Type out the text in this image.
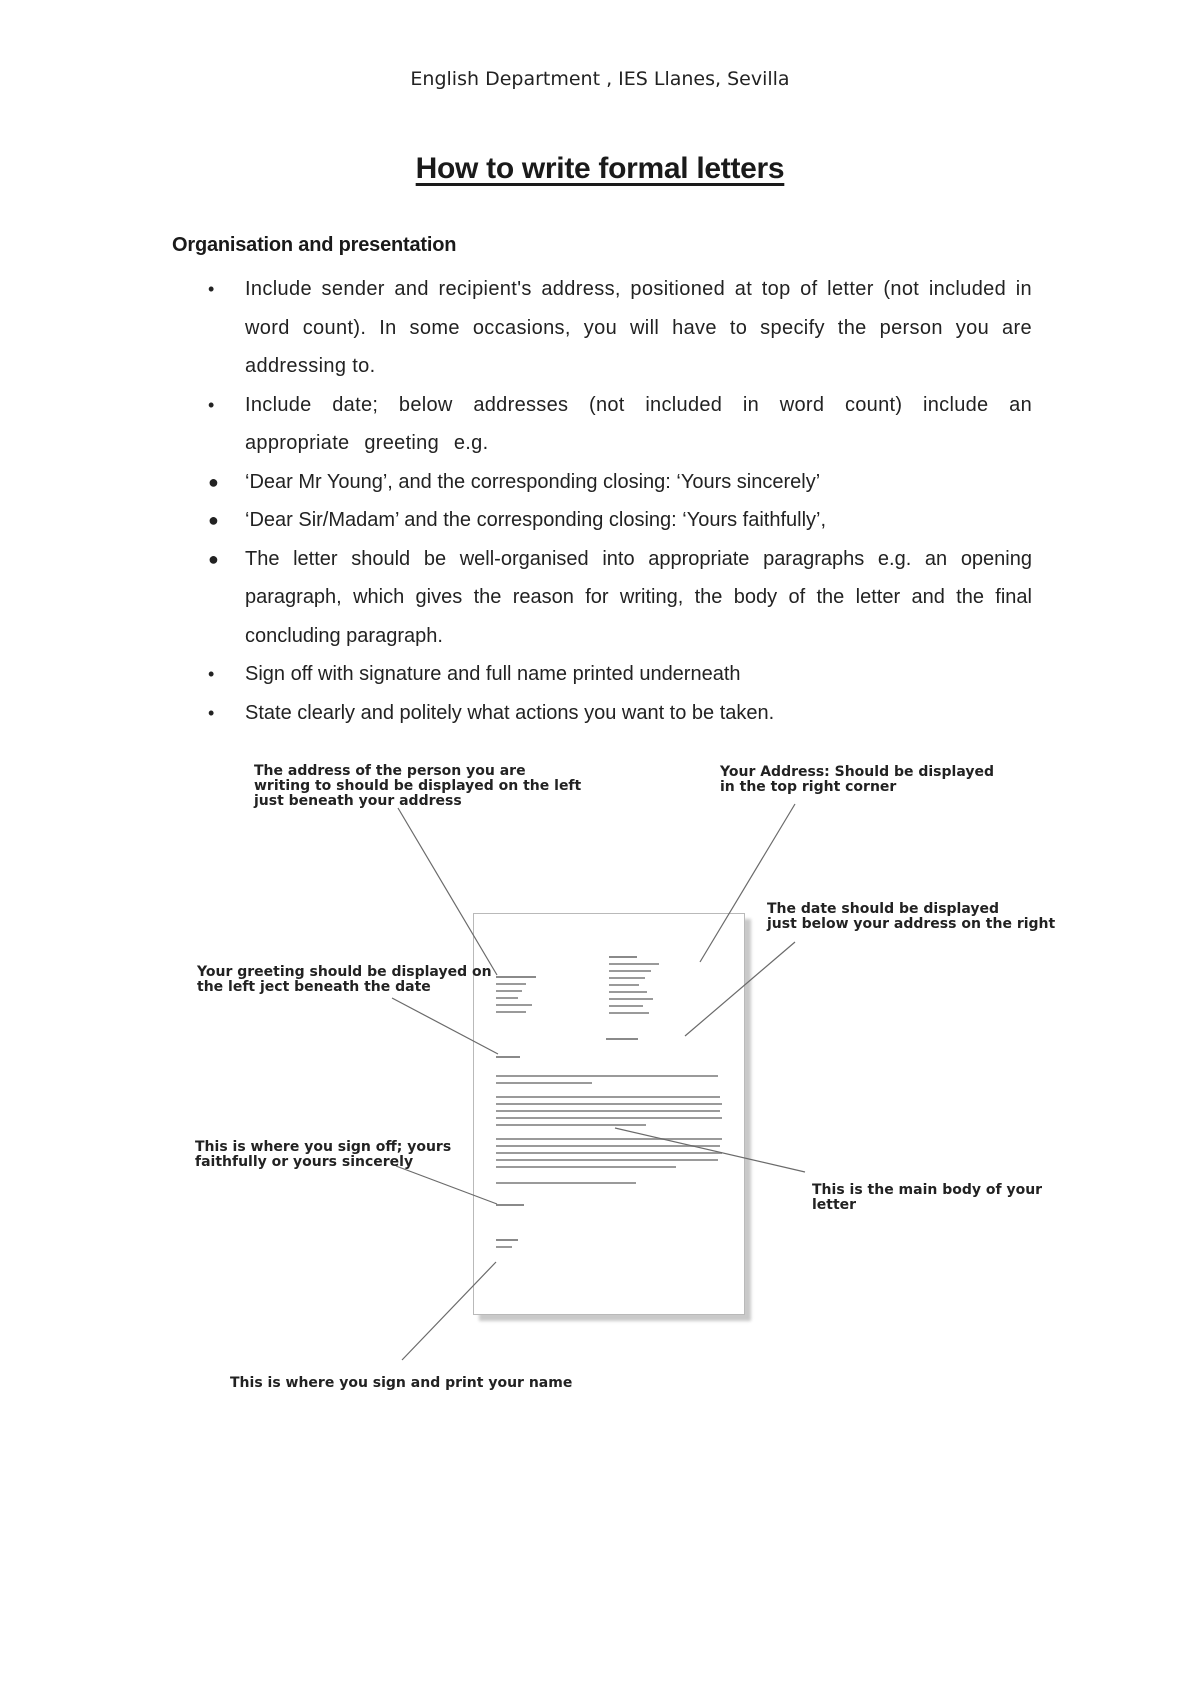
English Department , IES Llanes, Sevilla
How to write formal letters
Organisation and presentation
• Include sender and recipient's address, positioned at top of letter (not included in word count). In some occasions, you will have to specify the person you are addressing to.
• Include date; below addresses (not included in word count) include an appropriate greeting e.g.
● ‘Dear Mr Young’, and the corresponding closing: ‘Yours sincerely’
● ‘Dear Sir/Madam’ and the corresponding closing: ‘Yours faithfully’,
● The letter should be well-organised into appropriate paragraphs e.g. an opening paragraph, which gives the reason for writing, the body of the letter and the final concluding paragraph.
• Sign off with signature and full name printed underneath
• State clearly and politely what actions you want to be taken.
The address of the person you are
writing to should be displayed on the left
just beneath your address
Your Address: Should be displayed
in the top right corner
The date should be displayed
just below your address on the right
Your greeting should be displayed on
the left ject beneath the date
This is where you sign off; yours
faithfully or yours sincerely
This is the main body of your
letter
This is where you sign and print your name
